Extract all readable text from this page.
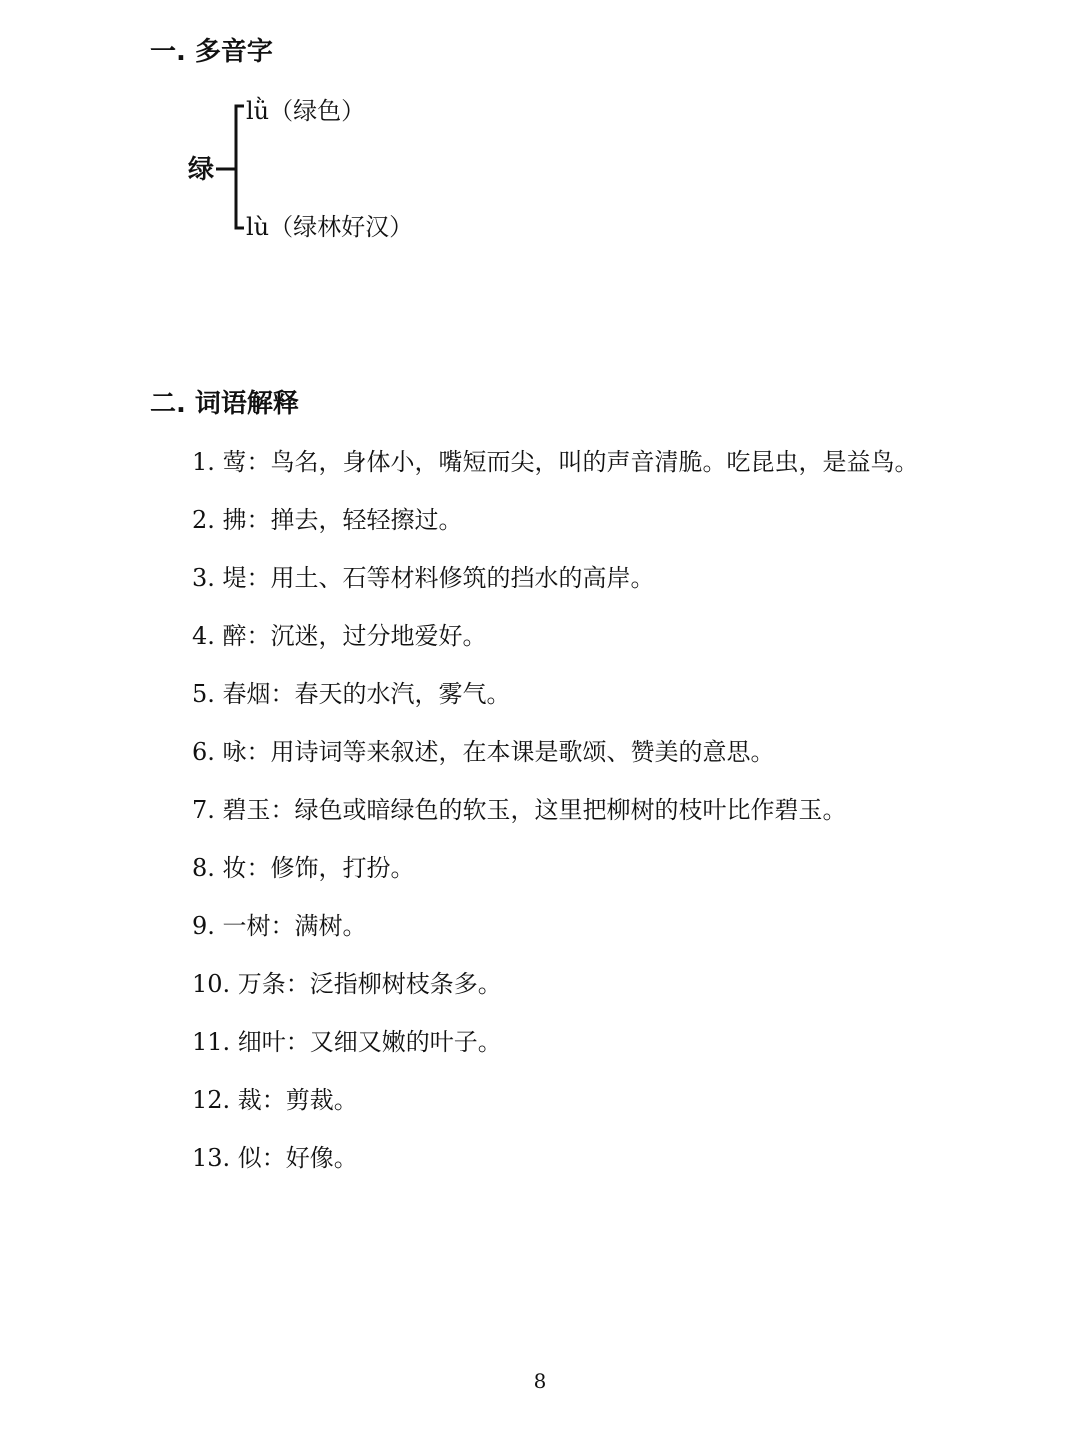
一. 多音字
绿
lǜ（绿色）
lù（绿林好汉）
二. 词语解释
1. 莺：鸟名，身体小，嘴短而尖，叫的声音清脆。吃昆虫，是益鸟。
2. 拂：掸去，轻轻擦过。
3. 堤：用土、石等材料修筑的挡水的高岸。
4. 醉：沉迷，过分地爱好。
5. 春烟：春天的水汽，雾气。
6. 咏：用诗词等来叙述，在本课是歌颂、赞美的意思。
7. 碧玉：绿色或暗绿色的软玉，这里把柳树的枝叶比作碧玉。
8. 妆：修饰，打扮。
9. 一树：满树。
10. 万条：泛指柳树枝条多。
11. 细叶：又细又嫩的叶子。
12. 裁：剪裁。
13. 似：好像。
8
